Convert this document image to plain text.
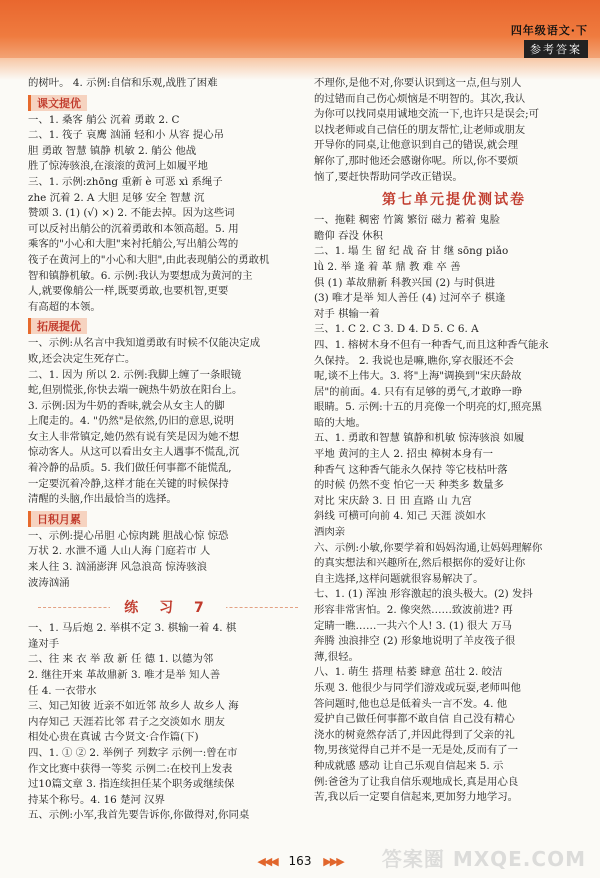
四年级语文·下
参考答案

的树叶。 4. 示例:自信和乐观,战胜了困难

课文提优

一、1. 桑客 艄公 沉着 勇敢 2. C

二、1. 筏子 哀鹰 汹涌 轻和小 从容 提心吊
胆 勇敢 智慧 镇静 机敏 2. 艄公 他战
胜了惊涛骇浪,在滚滚的黄河上如履平地

三、1. 示例:zhōng 重新 è 可恶 xì 系绳子
zhe 沉着 2. A 大胆 足够 安全 智慧 沉
赞颂 3. (1) (√) ×) 2. 不能去掉。因为这些词
可以反衬出艄公的沉着勇敢和本领高超。5. 用
乘客的"小心和大胆"来衬托艄公,写出艄公驾的
筏子在黄河上的"小心和大胆",由此表现艄公的勇敢机
智和镇静机敏。6. 示例:我认为要想成为黄河的主
人,就要像艄公一样,既要勇敢,也要机智,更要
有高超的本领。

拓展提优

一、示例:从名言中我知道勇敢有时候不仅能决定成
败,还会决定生死存亡。

二、1. 因为 所以 2. 示例:我脚上缠了一条眼镜
蛇,但别慌张,你快去端一碗热牛奶放在阳台上。
3. 示例:因为牛奶的香味,就会从女主人的脚
上爬走的。4. "仍然"是依然,仍旧的意思,说明
女主人非常镇定,她仍然有说有笑是因为她不想
惊动客人。从这可以看出女主人遇事不慌乱,沉
着冷静的品质。5. 我们做任何事都不能慌乱,
一定要沉着冷静,这样才能在关键的时候保持
清醒的头脑,作出最恰当的选择。

日积月累

一、示例:提心吊胆 心惊肉跳 胆战心惊 惊恐
万状 2. 水泄不通 人山人海 门庭若市 人
来人往 3. 汹涌澎湃 风急浪高 惊涛骇浪
波涛汹涌

练 习 7

一、1. 马后炮 2. 举棋不定 3. 棋输一着 4. 棋
逢对手

二、往 来 衣 举 敌 新 任 德 1. 以德为邻
2. 继往开来 革故鼎新 3. 唯才是举 知人善
任 4. 一衣带水

三、知己知彼 近亲不如近邻 故乡人 故乡人 海
内存知己 天涯若比邻 君子之交淡如水 朋友
相处心贵在真诚 古今贤文·合作篇(下)

四、1. ① ② 2. 举例子 列数字 示例一:曾在市
作文比赛中获得一等奖 示例二:在校刊上发表
过10篇文章 3. 指连续担任某个职务或继续保
持某个称号。4. 16 楚河 汉界

五、示例:小军,我首先要告诉你,你做得对,你同桌

不理你,是他不对,你要认识到这一点,但与别人
的过错而自己伤心烦恼是不明智的。其次,我认
为你可以找同桌用诚地交流一下,也许只是误会;可
以找老师或自己信任的朋友帮忙,让老师或朋友
开导你的同桌,让他意识到自己的错误,就会理
解你了,那时他还会感谢你呢。所以,你不要烦
恼了,要赶快帮助同学改正错误。

第七单元提优测试卷

一、拖鞋 稠密 竹篱 繁衍 磁力 蓄着 鬼脸
瞻仰 吞没 休积

二、1. 塌 生 留 纪 战 奋 甘 继 sōng piǎo
lǜ 2. 举 逢 着 革 鼎 教 难 卒 善
俱 (1) 革故鼎新 科教兴国 (2) 与时俱进
(3) 唯才是举 知人善任 (4) 过河卒子 棋逢
对手 棋输一着

三、1. C 2. C 3. D 4. D 5. C 6. A

四、1. 榕树木身不但有一种香气,而且这种香气能永
久保持。 2. 我说也是嘛,瞧你,穿衣服还不会
呢,谈不上伟大。3. 将"上海"调换到"宋庆龄故
居"的前面。4. 只有有足够的勇气,才敢睁一睁
眼睛。5. 示例:十五的月亮像一个明亮的灯,照亮黑
暗的大地。

五、1. 勇敢和智慧 镇静和机敏 惊涛骇浪 如履
平地 黄河的主人 2. 招虫 樟树本身有一
种香气 这种香气能永久保持 等它枝枯叶落
的时候 仍然不变 怕它一天 种类多 数量多
对比 宋庆龄 3. 日 田 直路 山 九宫
斜线 可横可向前 4. 知己 天涯 淡如水
酒肉亲

六、示例:小敏,你要学着和妈妈沟通,让妈妈理解你
的真实想法和兴趣所在,然后根据你的爱好让你
自主选择,这样问题就很容易解决了。

七、1. (1) 浑浊 形容激起的浪头极大。(2) 发抖
形容非常害怕。2. 像突然……致波前进? 再
定睛一瞧……一共六个人! 3. (1) 很大 万马
奔腾 浊浪排空 (2) 形象地说明了羊皮筏子很
薄,很轻。

八、1. 萌生 搭理 枯萎 肆意 茁壮 2. 皎洁
乐观 3. 他很少与同学们游戏或玩耍,老师叫他
答问题时,他也总是低着头一言不发。4. 他
爱护自己做任何事都不敢自信 自己没有精心
浇水的树竟然存活了,并因此得到了父亲的礼
物,男孩觉得自己并不是一无是处,反而有了一
种成就感 感动 让自己乐观自信起来 5. 示
例:爸爸为了让我自信乐观地成长,真是用心良
苦,我以后一定要自信起来,更加努力地学习。

◀◀◀ 163 ▶▶▶	答案圈 MXQE.COM
